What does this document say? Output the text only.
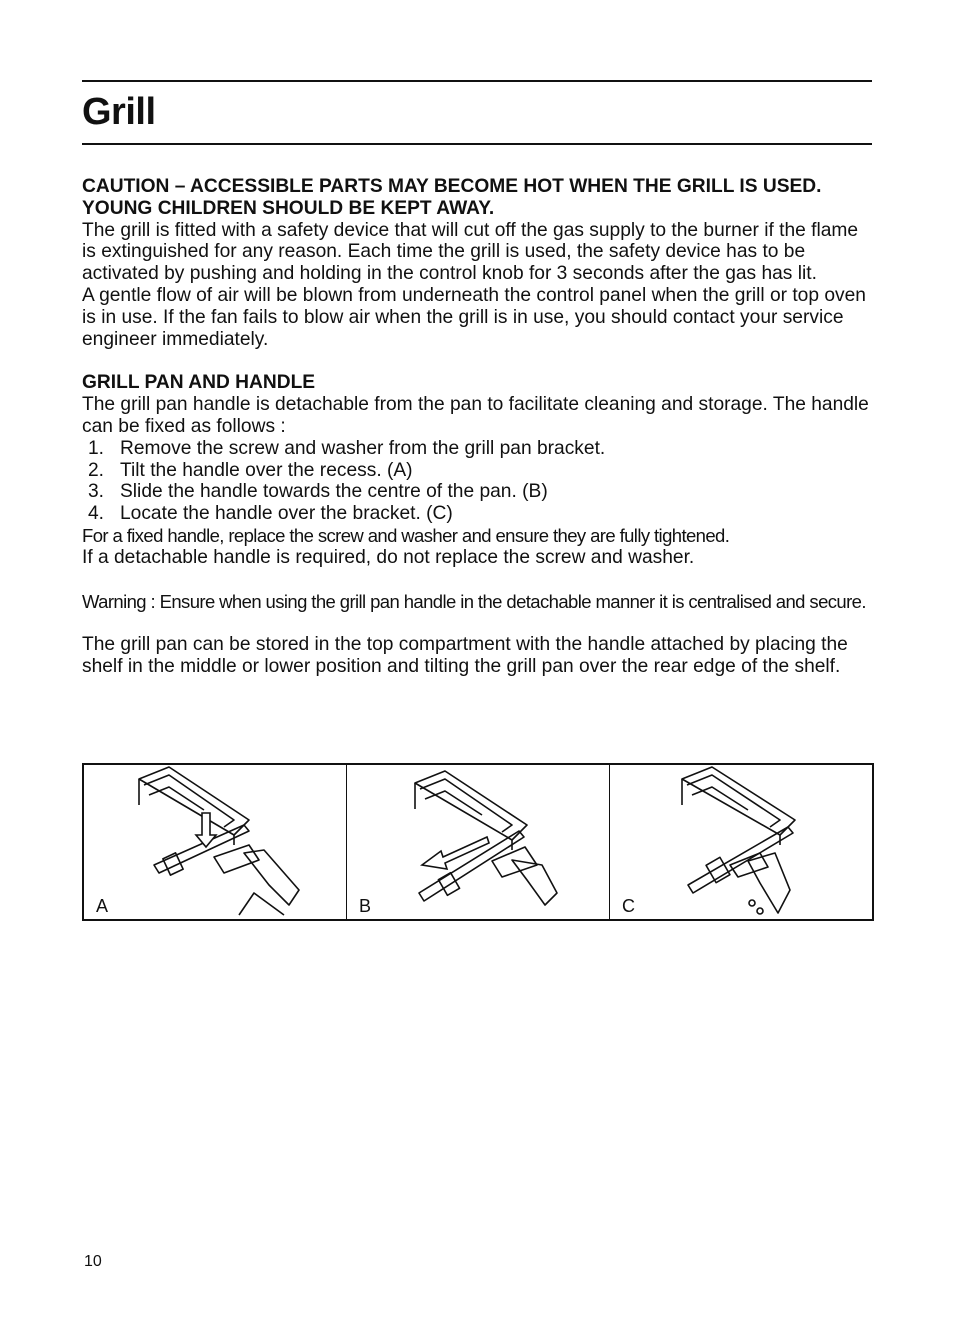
Grill

CAUTION – ACCESSIBLE PARTS MAY BECOME HOT WHEN THE GRILL IS USED. YOUNG CHILDREN SHOULD BE KEPT AWAY.

The grill is fitted with a safety device that will cut off the gas supply to the burner if the flame is extinguished for any reason. Each time the grill is used, the safety device has to be activated by pushing and holding in the control knob for 3 seconds after the gas has lit.

A gentle flow of air will be blown from underneath the control panel when the grill or top oven is in use. If the fan fails to blow air when the grill is in use, you should contact your service engineer immediately.

GRILL PAN AND HANDLE

The grill pan handle is detachable from the pan to facilitate cleaning and storage. The handle can be fixed as follows :

1. Remove the screw and washer from the grill pan bracket.
2. Tilt the handle over the recess. (A)
3. Slide the handle towards the centre of the pan. (B)
4. Locate the handle over the bracket. (C)

For a fixed handle, replace the screw and washer and ensure they are fully tightened.

If a detachable handle is required, do not replace the screw and washer.

Warning : Ensure when using the grill pan handle in the detachable manner it is centralised and secure.

The grill pan can be stored in the top compartment with the handle attached by placing the shelf in the middle or lower position and tilting the grill pan over the rear edge of the shelf.

A	B	C
10
